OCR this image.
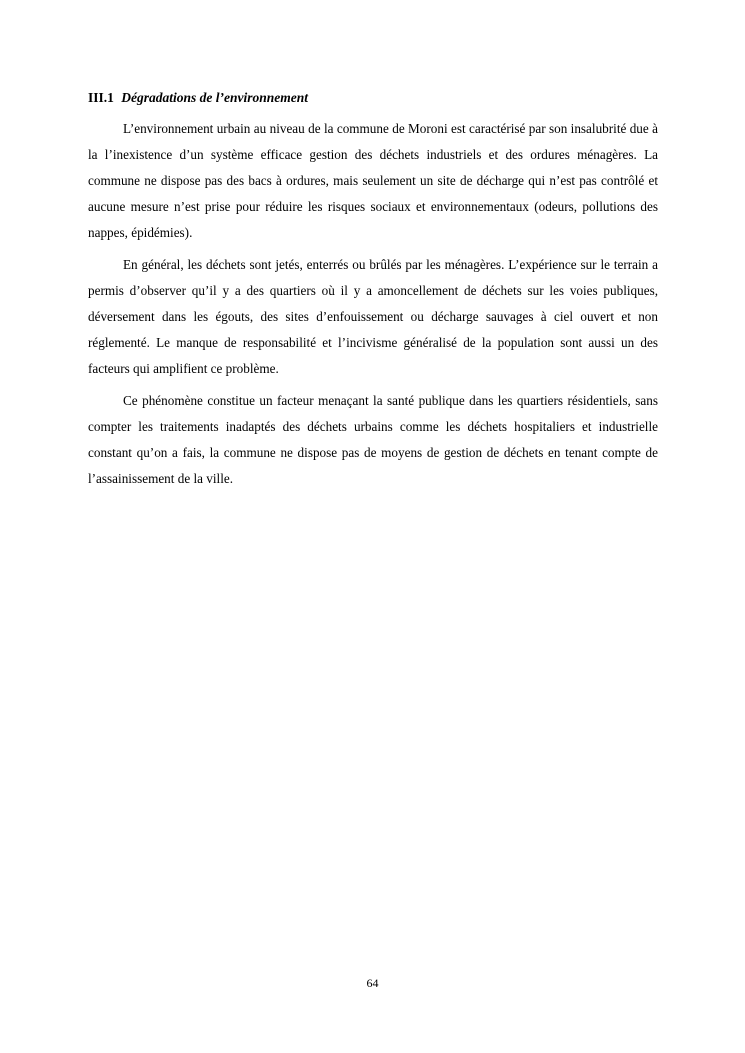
III.1 Dégradations de l’environnement

L’environnement urbain au niveau de la commune de Moroni est caractérisé par son insalubrité due à la l’inexistence d’un système efficace gestion des déchets industriels et des ordures ménagères. La commune ne dispose pas des bacs à ordures, mais seulement un site de décharge qui n’est pas contrôlé et aucune mesure n’est prise pour réduire les risques sociaux et environnementaux (odeurs, pollutions des nappes, épidémies).

En général, les déchets sont jetés, enterrés ou brûlés par les ménagères. L’expérience sur le terrain a permis d’observer qu’il y a des quartiers où il y a amoncellement de déchets sur les voies publiques, déversement dans les égouts, des sites d’enfouissement ou décharge sauvages à ciel ouvert et non réglementé. Le manque de responsabilité et l’incivisme généralisé de la population sont aussi un des facteurs qui amplifient ce problème.

Ce phénomène constitue un facteur menaçant la santé publique dans les quartiers résidentiels, sans compter les traitements inadaptés des déchets urbains comme les déchets hospitaliers et industrielle constant qu’on a fais, la commune ne dispose pas de moyens de gestion de déchets en tenant compte de l’assainissement de la ville.

64
